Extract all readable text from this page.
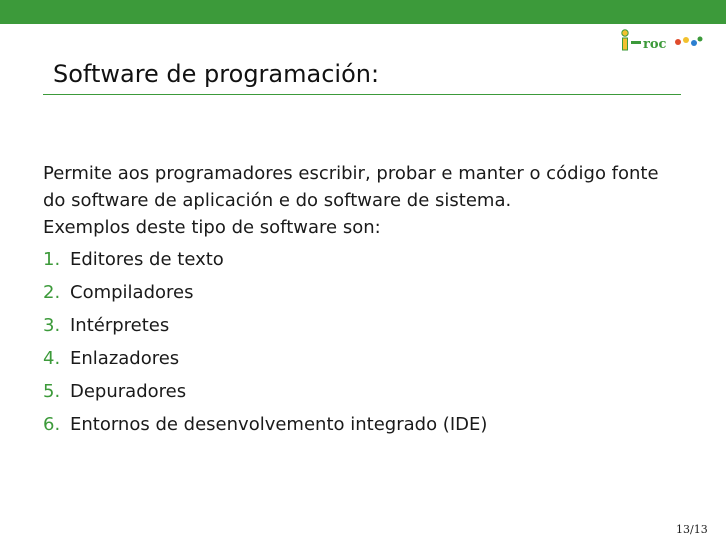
roc
Software de programación:

Permite aos programadores escribir, probar e manter o código fonte

do software de aplicación e do software de sistema.

Exemplos deste tipo de software son:

1. Editores de texto
2. Compiladores
3. Intérpretes
4. Enlazadores
5. Depuradores
6. Entornos de desenvolvemento integrado (IDE)
13/13
